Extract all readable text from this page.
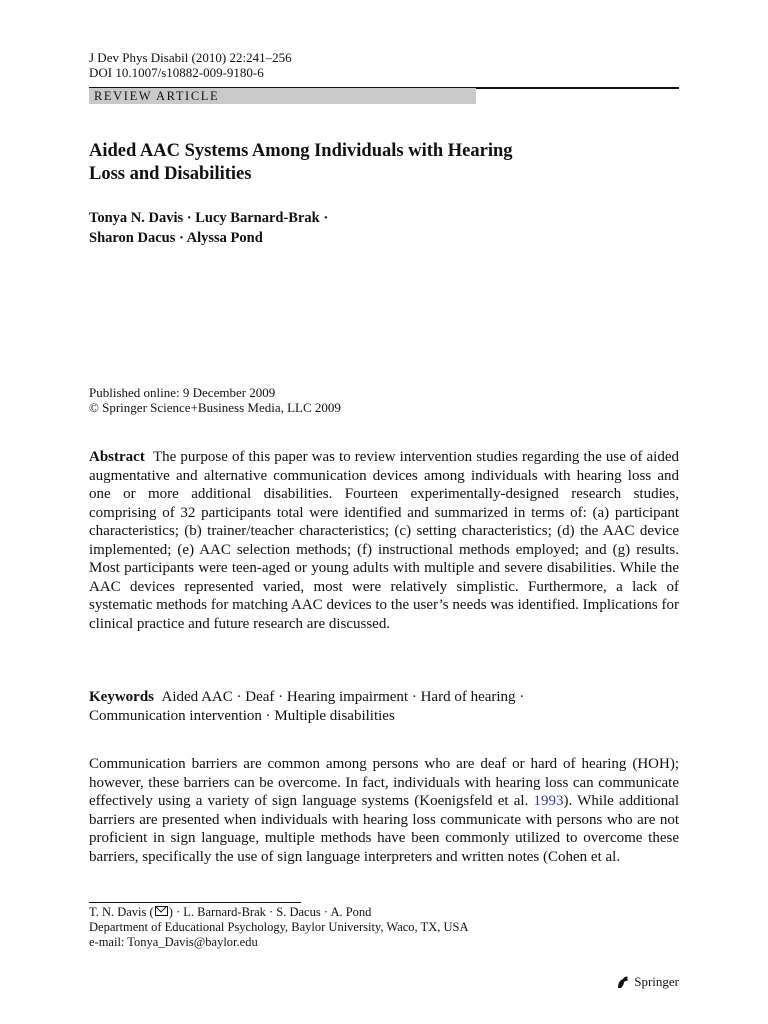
J Dev Phys Disabil (2010) 22:241–256
DOI 10.1007/s10882-009-9180-6
REVIEW ARTICLE
Aided AAC Systems Among Individuals with Hearing
Loss and Disabilities
Tonya N. Davis · Lucy Barnard-Brak ·
Sharon Dacus · Alyssa Pond
Published online: 9 December 2009
© Springer Science+Business Media, LLC 2009
Abstract The purpose of this paper was to review intervention studies regarding the use of aided augmentative and alternative communication devices among individuals with hearing loss and one or more additional disabilities. Fourteen experimentally-designed research studies, comprising of 32 participants total were identified and summarized in terms of: (a) participant characteristics; (b) trainer/teacher characteristics; (c) setting characteristics; (d) the AAC device implemented; (e) AAC selection methods; (f) instructional methods employed; and (g) results. Most participants were teen-aged or young adults with multiple and severe disabilities. While the AAC devices represented varied, most were relatively simplistic. Furthermore, a lack of systematic methods for matching AAC devices to the user’s needs was identified. Implications for clinical practice and future research are discussed.
Keywords Aided AAC · Deaf · Hearing impairment · Hard of hearing ·
Communication intervention · Multiple disabilities
Communication barriers are common among persons who are deaf or hard of hearing (HOH); however, these barriers can be overcome. In fact, individuals with hearing loss can communicate effectively using a variety of sign language systems (Koenigsfeld et al. 1993). While additional barriers are presented when individuals with hearing loss communicate with persons who are not proficient in sign language, multiple methods have been commonly utilized to overcome these barriers, specifically the use of sign language interpreters and written notes (Cohen et al.
T. N. Davis ( ) · L. Barnard-Brak · S. Dacus · A. Pond
Department of Educational Psychology, Baylor University, Waco, TX, USA
e-mail: Tonya_Davis@baylor.edu
Springer
